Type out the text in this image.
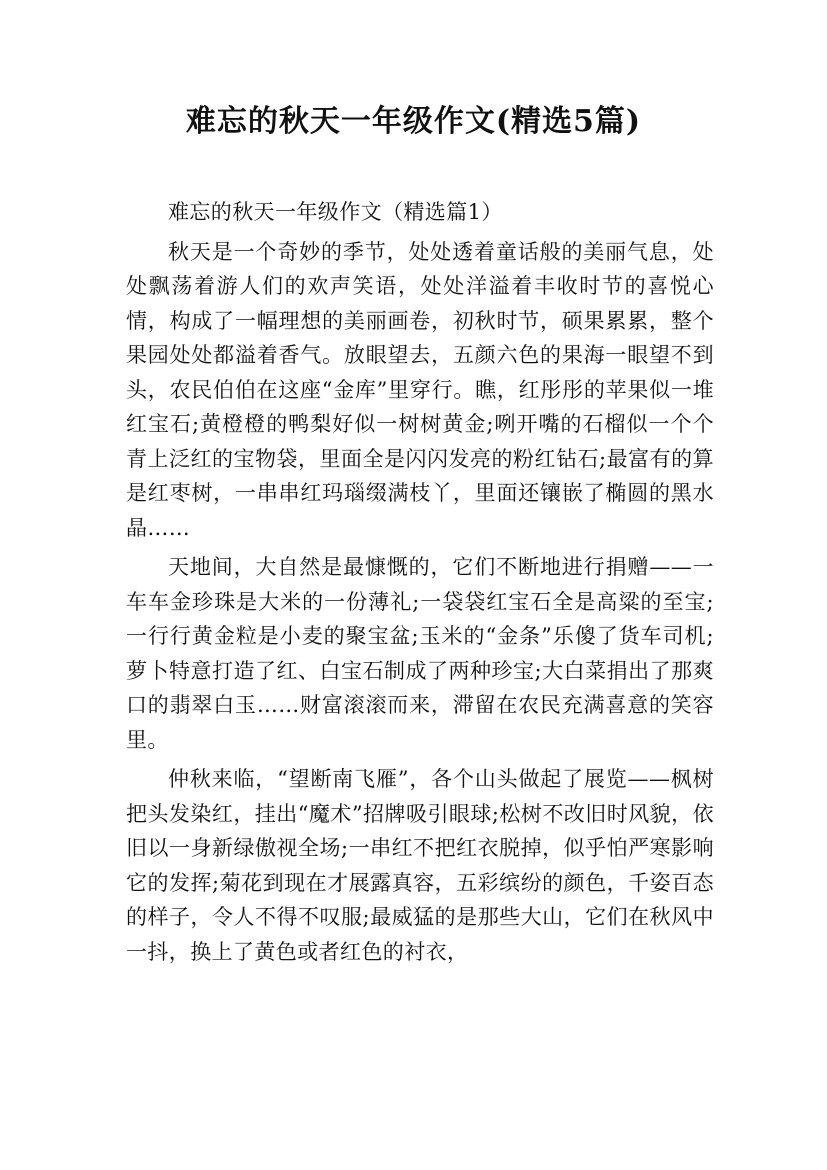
难忘的秋天一年级作文(精选5篇)

难忘的秋天一年级作文（精选篇1）

秋天是一个奇妙的季节，处处透着童话般的美丽气息，处处飘荡着游人们的欢声笑语，处处洋溢着丰收时节的喜悦心情，构成了一幅理想的美丽画卷，初秋时节，硕果累累，整个果园处处都溢着香气。放眼望去，五颜六色的果海一眼望不到头，农民伯伯在这座“金库”里穿行。瞧，红彤彤的苹果似一堆红宝石;黄橙橙的鸭梨好似一树树黄金;咧开嘴的石榴似一个个青上泛红的宝物袋，里面全是闪闪发亮的粉红钻石;最富有的算是红枣树，一串串红玛瑙缀满枝丫，里面还镶嵌了椭圆的黑水晶……

天地间，大自然是最慷慨的，它们不断地进行捐赠——一车车金珍珠是大米的一份薄礼;一袋袋红宝石全是高粱的至宝;一行行黄金粒是小麦的聚宝盆;玉米的“金条”乐傻了货车司机;萝卜特意打造了红、白宝石制成了两种珍宝;大白菜捐出了那爽口的翡翠白玉……财富滚滚而来，滞留在农民充满喜意的笑容里。

仲秋来临，“望断南飞雁”，各个山头做起了展览——枫树把头发染红，挂出“魔术”招牌吸引眼球;松树不改旧时风貌，依旧以一身新绿傲视全场;一串红不把红衣脱掉，似乎怕严寒影响它的发挥;菊花到现在才展露真容，五彩缤纷的颜色，千姿百态的样子，令人不得不叹服;最威猛的是那些大山，它们在秋风中一抖，换上了黄色或者红色的衬衣，
